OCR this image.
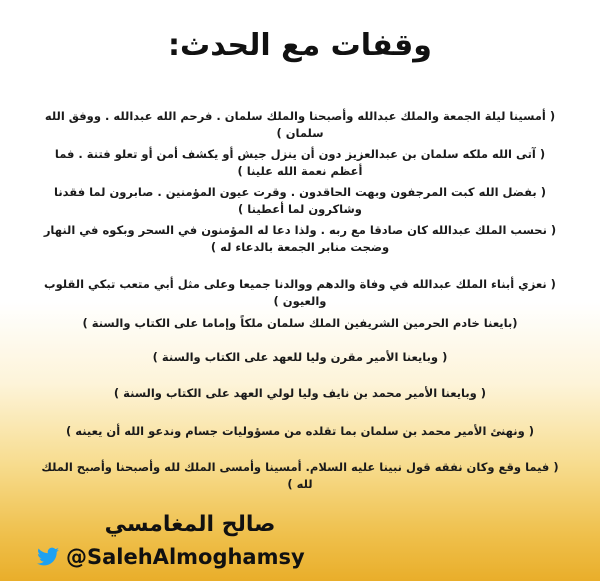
وقفات مع الحدث:
( أمسينا ليلة الجمعة والملك عبدالله وأصبحنا والملك سلمان . فرحم الله عبدالله . ووفق الله سلمان )
( آتى الله ملكه سلمان بن عبدالعزيز دون أن ينزل جيش أو يكشف أمن أو تعلو فتنة . فما أعظم نعمة الله علينا )
( بفضل الله كبت المرجفون وبهت الحاقدون . وقرت عيون المؤمنين . صابرون لما فقدنا وشاكرون لما أعطينا )
( نحسب الملك عبدالله كان صادقا مع ربه . ولذا دعا له المؤمنون في السحر وبكوه في النهار وضجت منابر الجمعة بالدعاء له )
( نعزي أبناء الملك عبدالله في وفاة والدهم ووالدنا جميعا وعلى مثل أبي متعب تبكي القلوب والعيون )
(بايعنا خادم الحرمين الشريفين الملك سلمان ملكاً وإماما على الكتاب والسنة )
( وبايعنا الأمير مقرن وليا للعهد على الكتاب والسنة )
( وبايعنا الأمير محمد بن نايف وليا لولي العهد على الكتاب والسنة )
( ونهنئ الأمير محمد بن سلمان بما تقلده من مسؤوليات جسام وندعو الله أن يعينه )
( فيما وقع وكان نفقه قول نبينا عليه السلام. أمسينا وأمسى الملك لله وأصبحنا وأصبح الملك لله )
صالح المغامسي
@SalehAlmoghamsy
